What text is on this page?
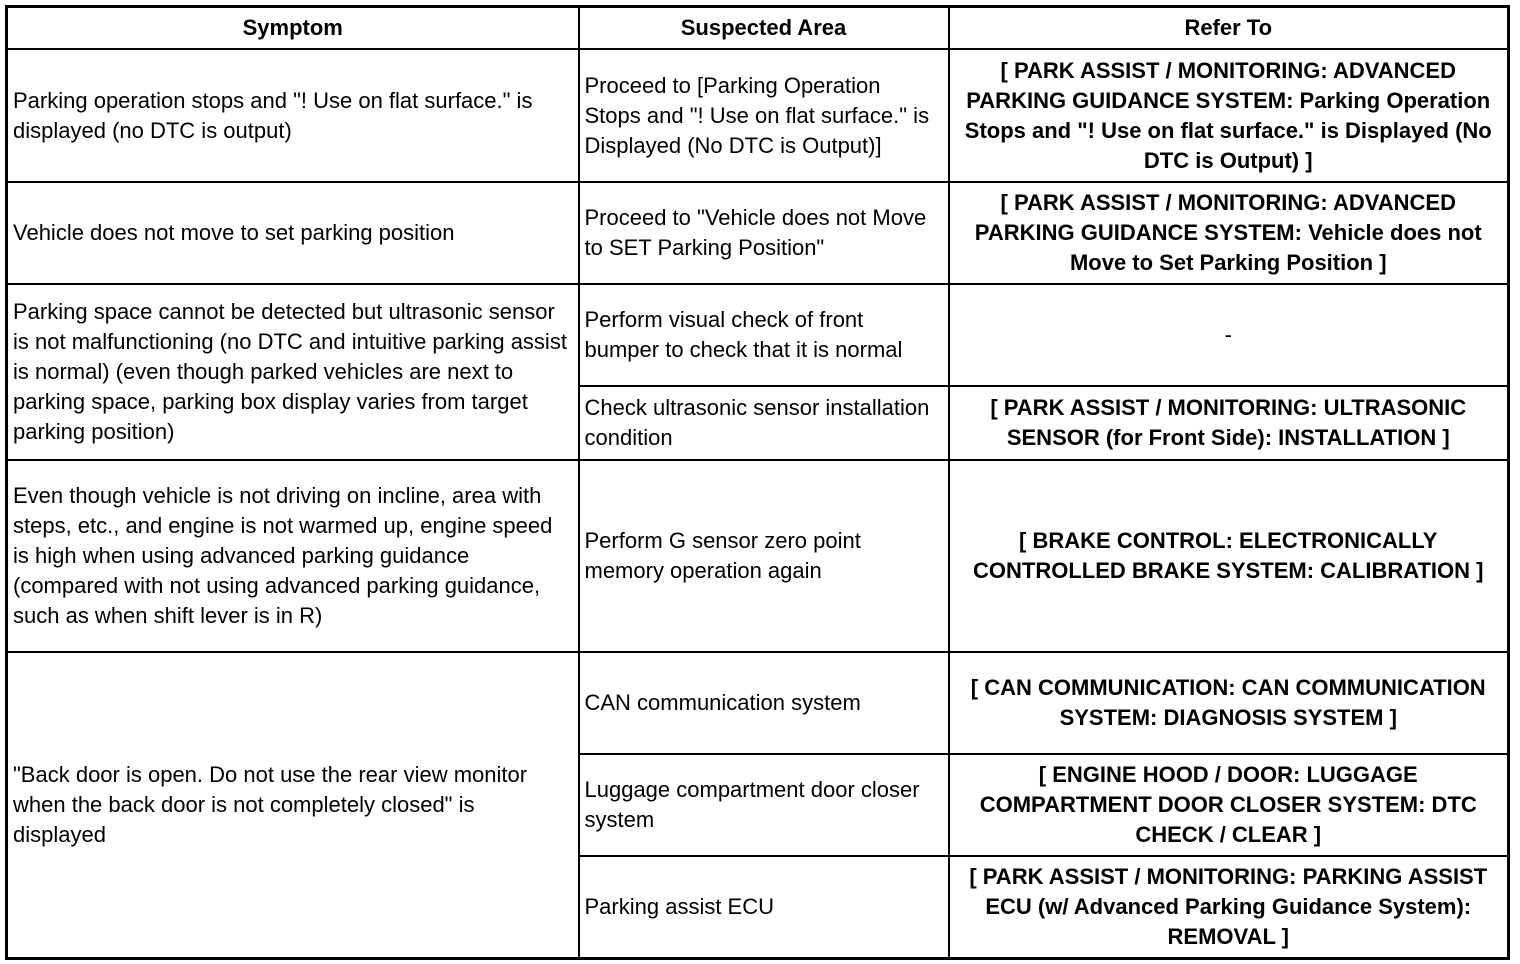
Symptom	Suspected Area	Refer To
Parking operation stops and "! Use on flat surface." is displayed (no DTC is output)	Proceed to [Parking Operation Stops and "! Use on flat surface." is Displayed (No DTC is Output)]	[ PARK ASSIST / MONITORING: ADVANCED PARKING GUIDANCE SYSTEM: Parking Operation Stops and "! Use on flat surface." is Displayed (No DTC is Output) ]
Vehicle does not move to set parking position	Proceed to "Vehicle does not Move to SET Parking Position"	[ PARK ASSIST / MONITORING: ADVANCED PARKING GUIDANCE SYSTEM: Vehicle does not Move to Set Parking Position ]
Parking space cannot be detected but ultrasonic sensor is not malfunctioning (no DTC and intuitive parking assist is normal) (even though parked vehicles are next to parking space, parking box display varies from target parking position)	Perform visual check of front bumper to check that it is normal	-
	Check ultrasonic sensor installation condition	[ PARK ASSIST / MONITORING: ULTRASONIC SENSOR (for Front Side): INSTALLATION ]
Even though vehicle is not driving on incline, area with steps, etc., and engine is not warmed up, engine speed is high when using advanced parking guidance (compared with not using advanced parking guidance, such as when shift lever is in R)	Perform G sensor zero point memory operation again	[ BRAKE CONTROL: ELECTRONICALLY CONTROLLED BRAKE SYSTEM: CALIBRATION ]
"Back door is open. Do not use the rear view monitor when the back door is not completely closed" is displayed	CAN communication system	[ CAN COMMUNICATION: CAN COMMUNICATION SYSTEM: DIAGNOSIS SYSTEM ]
	Luggage compartment door closer system	[ ENGINE HOOD / DOOR: LUGGAGE COMPARTMENT DOOR CLOSER SYSTEM: DTC CHECK / CLEAR ]
	Parking assist ECU	[ PARK ASSIST / MONITORING: PARKING ASSIST ECU (w/ Advanced Parking Guidance System): REMOVAL ]
